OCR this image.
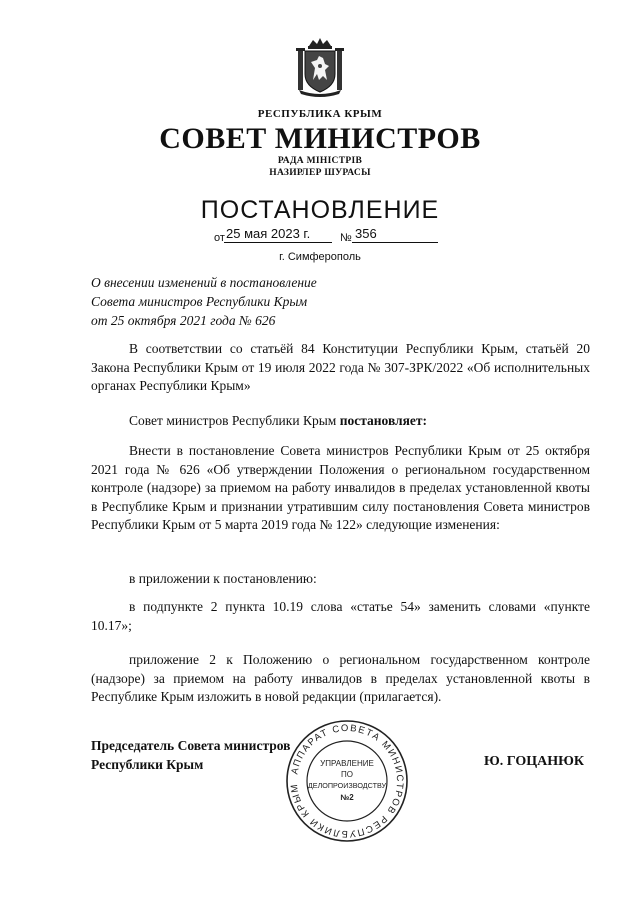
РЕСПУБЛИКА КРЫМ
СОВЕТ МИНИСТРОВ
РАДА МІНІСТРІВ
НАЗИРЛЕР ШУРАСЫ
ПОСТАНОВЛЕНИЕ
от 25 мая 2023 г.	№ 356
г. Симферополь
О внесении изменений в постановление
Совета министров Республики Крым
от 25 октября 2021 года № 626

В соответствии со статьёй 84 Конституции Республики Крым, статьёй 20 Закона Республики Крым от 19 июля 2022 года № 307-ЗРК/2022 «Об исполнительных органах Республики Крым»

Совет министров Республики Крым постановляет:

Внести в постановление Совета министров Республики Крым от 25 октября 2021 года № 626 «Об утверждении Положения о региональном государственном контроле (надзоре) за приемом на работу инвалидов в пределах установленной квоты в Республике Крым и признании утратившим силу постановления Совета министров Республики Крым от 5 марта 2019 года № 122» следующие изменения:

в приложении к постановлению:

в подпункте 2 пункта 10.19 слова «статье 54» заменить словами «пункте 10.17»;

приложение 2 к Положению о региональном государственном контроле (надзоре) за приемом на работу инвалидов в пределах установленной квоты в Республике Крым изложить в новой редакции (прилагается).

Председатель Совета министров
Республики Крым	Ю. ГОЦАНЮК
АППАРАТ СОВЕТА МИНИСТРОВ РЕСПУБЛИКИ КРЫМ
УПРАВЛЕНИЕ
ПО
ДЕЛОПРОИЗВОДСТВУ
№2
